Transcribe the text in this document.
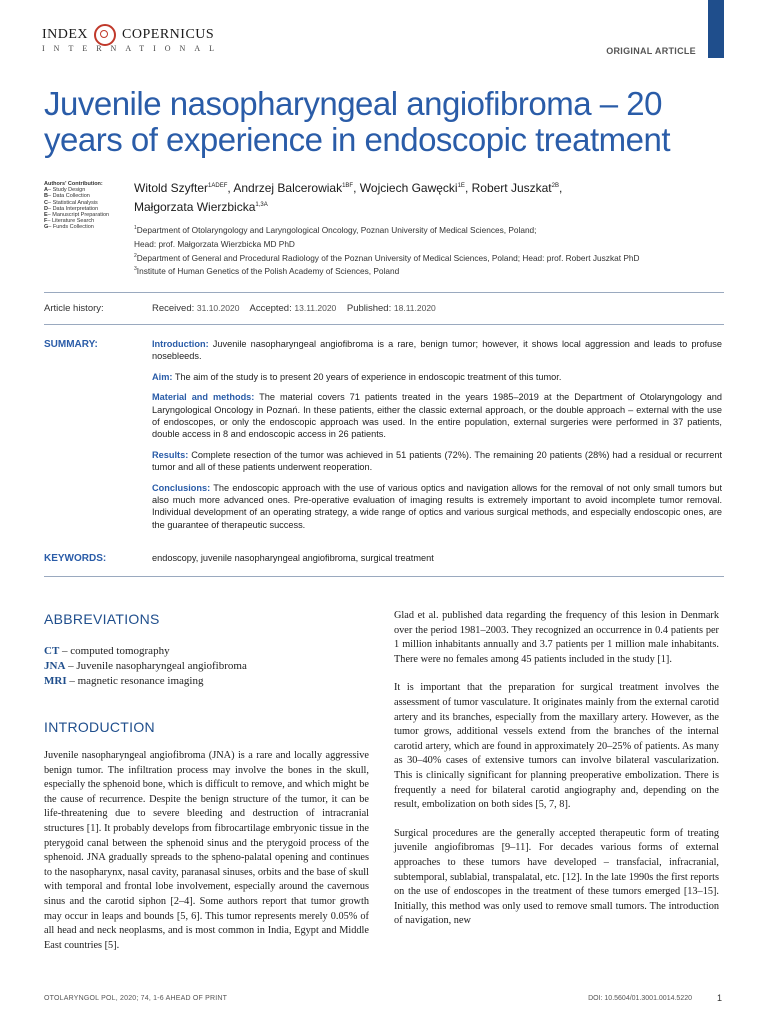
INDEX COPERNICUS
INTERNATIONAL	ORIGINAL ARTICLE
Juvenile nasopharyngeal angiofibroma – 20 years of experience in endoscopic treatment
Authors' Contribution:
A– Study Design
B– Data Collection
C– Statistical Analysis
D– Data Interpretation
E– Manuscript Preparation
F– Literature Search
G– Funds Collection
Witold Szyfter$^{1ADEF}$, Andrzej Balcerowiak$^{1BF}$, Wojciech Gawęcki$^{1E}$, Robert Juszkat$^{2B}$,
Małgorzata Wierzbicka$^{1,3A}$
$^1$Department of Otolaryngology and Laryngological Oncology, Poznan University of Medical Sciences, Poland;
Head: prof. Małgorzata Wierzbicka MD PhD
$^2$Department of General and Procedural Radiology of the Poznan University of Medical Sciences, Poland; Head: prof. Robert Juszkat PhD
$^3$Institute of Human Genetics of the Polish Academy of Sciences, Poland
Article history:	Received: 31.10.2020 Accepted: 13.11.2020 Published: 18.11.2020
SUMMARY:	Introduction: Juvenile nasopharyngeal angiofibroma is a rare, benign tumor; however, it shows local aggression and leads to profuse nosebleeds.

Aim: The aim of the study is to present 20 years of experience in endoscopic treatment of this tumor.

Material and methods: The material covers 71 patients treated in the years 1985–2019 at the Department of Otolaryngology and Laryngological Oncology in Poznań. In these patients, either the classic external approach, or the double approach – external with the use of endoscopes, or only the endoscopic approach was used. In the entire population, external surgeries were performed in 37 patients, double access in 8 and endoscopic access in 26 patients.

Results: Complete resection of the tumor was achieved in 51 patients (72%). The remaining 20 patients (28%) had a residual or recurrent tumor and all of these patients underwent reoperation.

Conclusions: The endoscopic approach with the use of various optics and navigation allows for the removal of not only small tumors but also much more advanced ones. Pre-operative evaluation of imaging results is extremely important to avoid incomplete tumor removal. Individual development of an operating strategy, a wide range of optics and various surgical methods, and especially endoscopic ones, are the guarantee of therapeutic success.

KEYWORDS:	endoscopy, juvenile nasopharyngeal angiofibroma, surgical treatment
ABBREVIATIONS
CT – computed tomography
JNA – Juvenile nasopharyngeal angiofibroma
MRI – magnetic resonance imaging
INTRODUCTION

Juvenile nasopharyngeal angiofibroma (JNA) is a rare and locally aggressive benign tumor. The infiltration process may involve the bones in the skull, especially the sphenoid bone, which is difficult to remove, and which might be the cause of recurrence. Despite the benign structure of the tumor, it can be life-threatening due to severe bleeding and destruction of intracranial structures [1]. It probably develops from fibrocartilage embryonic tissue in the pterygoid canal between the sphenoid sinus and the pterygoid process of the sphenoid. JNA gradually spreads to the spheno-palatal opening and continues to the nasopharynx, nasal cavity, paranasal sinuses, orbits and the base of skull with temporal and frontal lobe involvement, especially around the cavernous sinus and the carotid siphon [2–4]. Some authors report that tumor growth may occur in leaps and bounds [5, 6]. This tumor represents merely 0.05% of all head and neck neoplasms, and is most common in India, Egypt and Middle East countries [5].

Glad et al. published data regarding the frequency of this lesion in Denmark over the period 1981–2003. They recognized an occurrence in 0.4 patients per 1 million inhabitants annually and 3.7 patients per 1 million male inhabitants. There were no females among 45 patients included in the study [1].

It is important that the preparation for surgical treatment involves the assessment of tumor vasculature. It originates mainly from the external carotid artery and its branches, especially from the maxillary artery. However, as the tumor grows, additional vessels extend from the branches of the internal carotid artery, which are found in approximately 20–25% of patients. As many as 30–40% cases of extensive tumors can involve bilateral vascularization. This is clinically significant for planning preoperative embolization. There is frequently a need for bilateral carotid angiography and, depending on the result, embolization on both sides [5, 7, 8].

Surgical procedures are the generally accepted therapeutic form of treating juvenile angiofibromas [9–11]. For decades various forms of external approaches to these tumors have developed – transfacial, infracranial, subtemporal, sublabial, transpalatal, etc. [12]. In the late 1990s the first reports on the use of endoscopes in the treatment of these tumors emerged [13–15]. Initially, this method was only used to remove small tumors. The introduction of navigation, new

OTOLARYNGOL POL, 2020; 74, 1-6 AHEAD OF PRINT	DOI: 10.5604/01.3001.0014.5220	1
